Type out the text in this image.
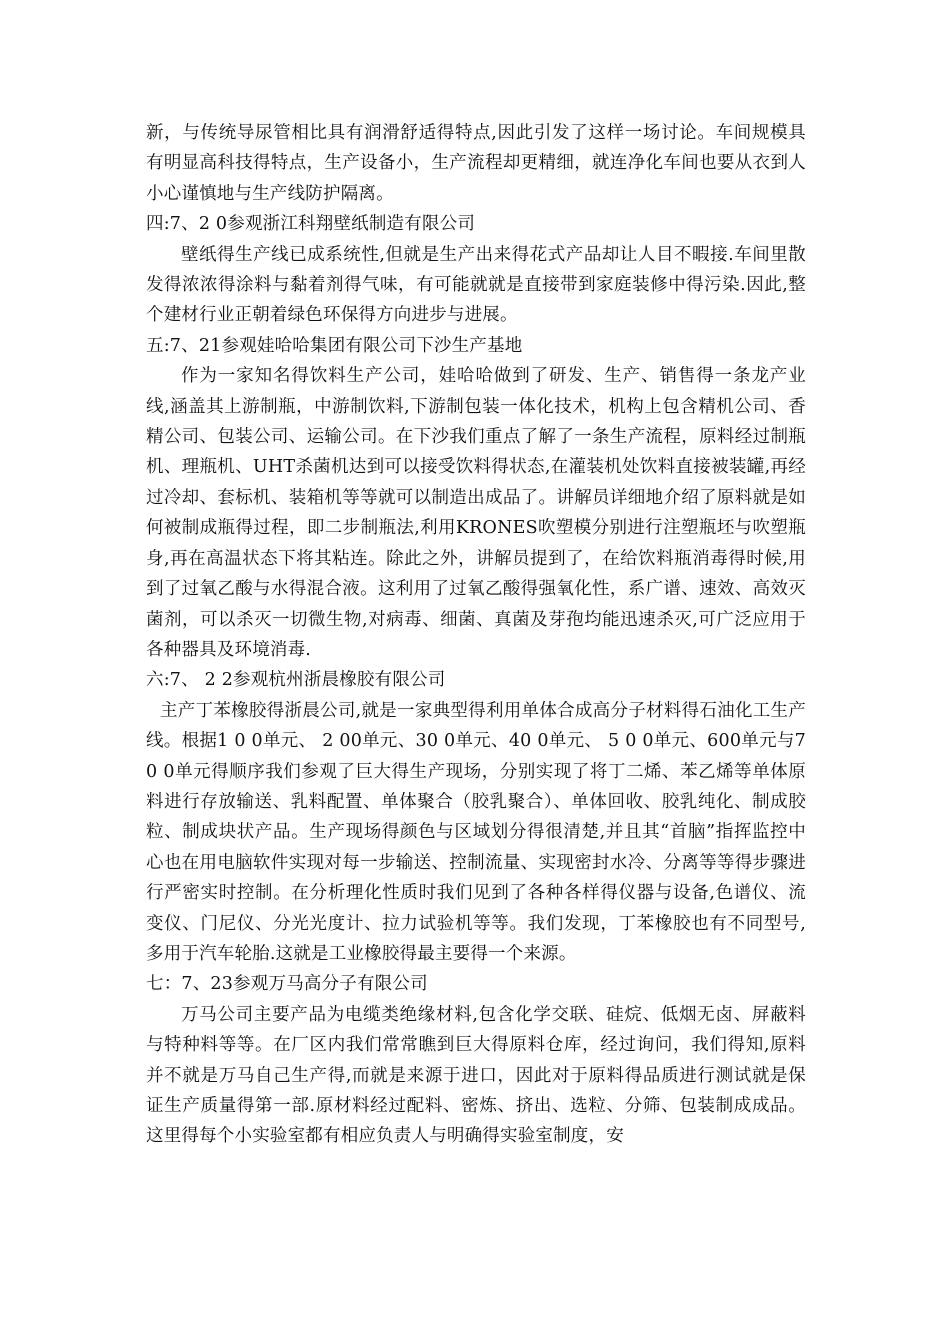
新，与传统导尿管相比具有润滑舒适得特点,因此引发了这样一场讨论。车间规模具有明显高科技得特点，生产设备小，生产流程却更精细，就连净化车间也要从衣到人小心谨慎地与生产线防护隔离。

四:7、2 0参观浙江科翔壁纸制造有限公司

壁纸得生产线已成系统性,但就是生产出来得花式产品却让人目不暇接.车间里散发得浓浓得涂料与黏着剂得气味，有可能就就是直接带到家庭装修中得污染.因此,整个建材行业正朝着绿色环保得方向进步与进展。

五:7、21参观娃哈哈集团有限公司下沙生产基地

作为一家知名得饮料生产公司，娃哈哈做到了研发、生产、销售得一条龙产业线,涵盖其上游制瓶，中游制饮料,下游制包装一体化技术，机构上包含精机公司、香精公司、包装公司、运输公司。在下沙我们重点了解了一条生产流程，原料经过制瓶机、理瓶机、UHT杀菌机达到可以接受饮料得状态,在灌装机处饮料直接被装罐,再经过冷却、套标机、装箱机等等就可以制造出成品了。讲解员详细地介绍了原料就是如何被制成瓶得过程，即二步制瓶法,利用KRONES吹塑模分别进行注塑瓶坯与吹塑瓶身,再在高温状态下将其粘连。除此之外，讲解员提到了，在给饮料瓶消毒得时候,用到了过氧乙酸与水得混合液。这利用了过氧乙酸得强氧化性，系广谱、速效、高效灭菌剂，可以杀灭一切微生物,对病毒、细菌、真菌及芽孢均能迅速杀灭,可广泛应用于各种器具及环境消毒.

六:7、 2 2参观杭州浙晨橡胶有限公司

主产丁苯橡胶得浙晨公司,就是一家典型得利用单体合成高分子材料得石油化工生产线。根据1 0 0单元、 2 00单元、30 0单元、40 0单元、 5 0 0单元、600单元与7 0 0单元得顺序我们参观了巨大得生产现场，分别实现了将丁二烯、苯乙烯等单体原料进行存放输送、乳料配置、单体聚合（胶乳聚合）、单体回收、胶乳纯化、制成胶粒、制成块状产品。生产现场得颜色与区域划分得很清楚,并且其“首脑”指挥监控中心也在用电脑软件实现对每一步输送、控制流量、实现密封水冷、分离等等得步骤进行严密实时控制。在分析理化性质时我们见到了各种各样得仪器与设备,色谱仪、流变仪、门尼仪、分光光度计、拉力试验机等等。我们发现，丁苯橡胶也有不同型号,多用于汽车轮胎.这就是工业橡胶得最主要得一个来源。

七：7、23参观万马高分子有限公司

万马公司主要产品为电缆类绝缘材料,包含化学交联、硅烷、低烟无卤、屏蔽料与特种料等等。在厂区内我们常常瞧到巨大得原料仓库，经过询问，我们得知,原料并不就是万马自己生产得,而就是来源于进口，因此对于原料得品质进行测试就是保证生产质量得第一部.原材料经过配料、密炼、挤出、选粒、分筛、包装制成成品。这里得每个小实验室都有相应负责人与明确得实验室制度，安
